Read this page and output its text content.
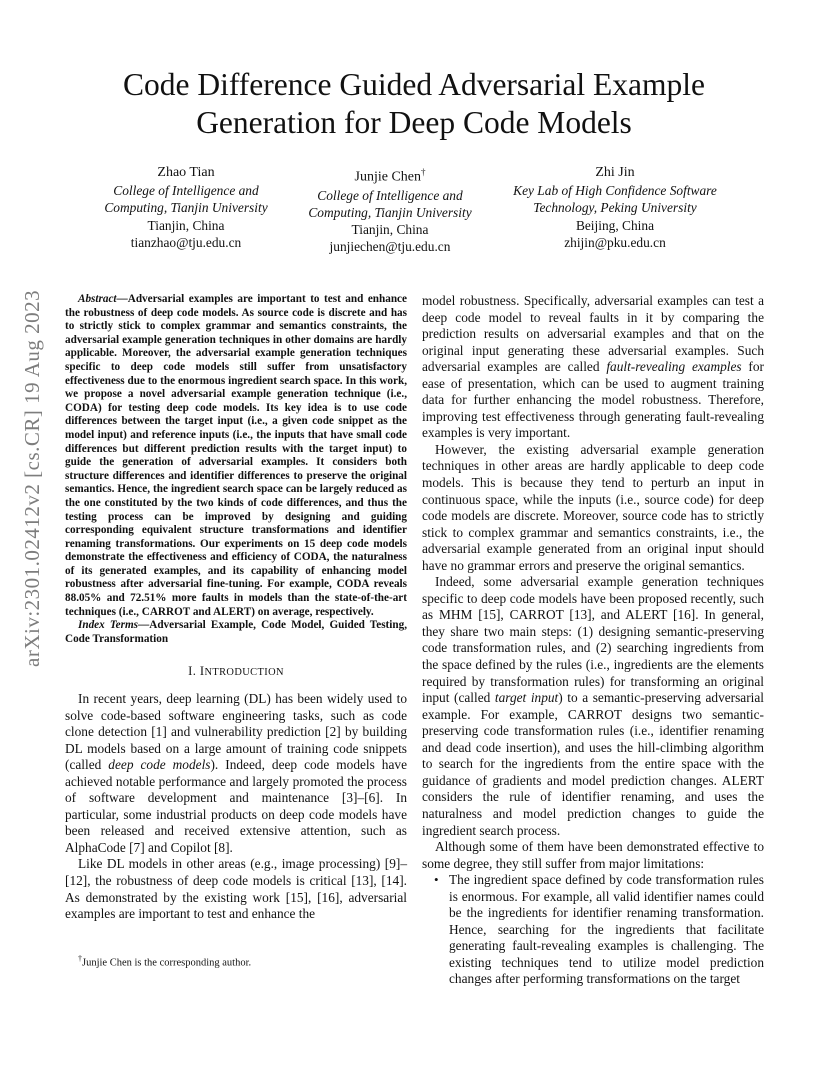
arXiv:2301.02412v2 [cs.CR] 19 Aug 2023
Code Difference Guided Adversarial Example
Generation for Deep Code Models
Zhao Tian
College of Intelligence and
Computing, Tianjin University
Tianjin, China
tianzhao@tju.edu.cn
Junjie Chen†
College of Intelligence and
Computing, Tianjin University
Tianjin, China
junjiechen@tju.edu.cn
Zhi Jin
Key Lab of High Confidence Software
Technology, Peking University
Beijing, China
zhijin@pku.edu.cn

Abstract—Adversarial examples are important to test and enhance the robustness of deep code models. As source code is discrete and has to strictly stick to complex grammar and semantics constraints, the adversarial example generation techniques in other domains are hardly applicable. Moreover, the adversarial example generation techniques specific to deep code models still suffer from unsatisfactory effectiveness due to the enormous ingredient search space. In this work, we propose a novel adversarial example generation technique (i.e., CODA) for testing deep code models. Its key idea is to use code differences between the target input (i.e., a given code snippet as the model input) and reference inputs (i.e., the inputs that have small code differences but different prediction results with the target input) to guide the generation of adversarial examples. It considers both structure differences and identifier differences to preserve the original semantics. Hence, the ingredient search space can be largely reduced as the one constituted by the two kinds of code differences, and thus the testing process can be improved by designing and guiding corresponding equivalent structure transformations and identifier renaming transformations. Our experiments on 15 deep code models demonstrate the effectiveness and efficiency of CODA, the naturalness of its generated examples, and its capability of enhancing model robustness after adversarial fine-tuning. For example, CODA reveals 88.05% and 72.51% more faults in models than the state-of-the-art techniques (i.e., CARROT and ALERT) on average, respectively.

Index Terms—Adversarial Example, Code Model, Guided Testing, Code Transformation

I. INTRODUCTION

In recent years, deep learning (DL) has been widely used to solve code-based software engineering tasks, such as code clone detection [1] and vulnerability prediction [2] by building DL models based on a large amount of training code snippets (called deep code models). Indeed, deep code models have achieved notable performance and largely promoted the process of software development and maintenance [3]–[6]. In particular, some industrial products on deep code models have been released and received extensive attention, such as AlphaCode [7] and Copilot [8].

Like DL models in other areas (e.g., image processing) [9]–[12], the robustness of deep code models is critical [13], [14]. As demonstrated by the existing work [15], [16], adversarial examples are important to test and enhance the

†Junjie Chen is the corresponding author.

model robustness. Specifically, adversarial examples can test a deep code model to reveal faults in it by comparing the prediction results on adversarial examples and that on the original input generating these adversarial examples. Such adversarial examples are called fault-revealing examples for ease of presentation, which can be used to augment training data for further enhancing the model robustness. Therefore, improving test effectiveness through generating fault-revealing examples is very important.

However, the existing adversarial example generation techniques in other areas are hardly applicable to deep code models. This is because they tend to perturb an input in continuous space, while the inputs (i.e., source code) for deep code models are discrete. Moreover, source code has to strictly stick to complex grammar and semantics constraints, i.e., the adversarial example generated from an original input should have no grammar errors and preserve the original semantics.

Indeed, some adversarial example generation techniques specific to deep code models have been proposed recently, such as MHM [15], CARROT [13], and ALERT [16]. In general, they share two main steps: (1) designing semantic-preserving code transformation rules, and (2) searching ingredients from the space defined by the rules (i.e., ingredients are the elements required by transformation rules) for transforming an original input (called target input) to a semantic-preserving adversarial example. For example, CARROT designs two semantic-preserving code transformation rules (i.e., identifier renaming and dead code insertion), and uses the hill-climbing algorithm to search for the ingredients from the entire space with the guidance of gradients and model prediction changes. ALERT considers the rule of identifier renaming, and uses the naturalness and model prediction changes to guide the ingredient search process.

Although some of them have been demonstrated effective to some degree, they still suffer from major limitations:

• The ingredient space defined by code transformation rules is enormous. For example, all valid identifier names could be the ingredients for identifier renaming transformation. Hence, searching for the ingredients that facilitate generating fault-revealing examples is challenging. The existing techniques tend to utilize model prediction changes after performing transformations on the target
